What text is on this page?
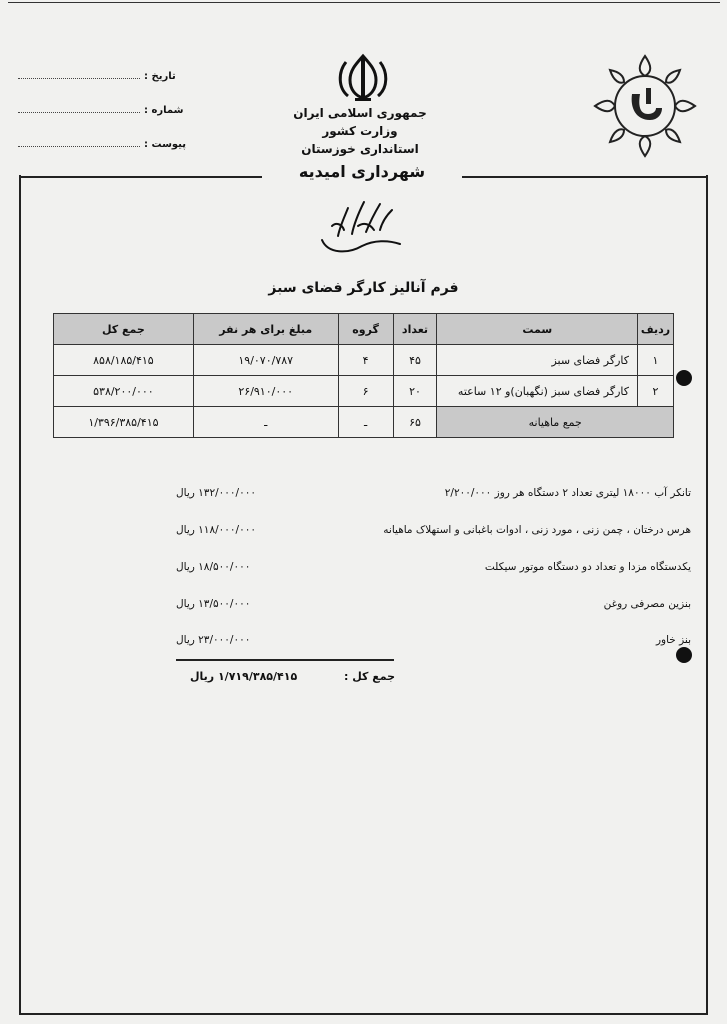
تاریخ :
شماره :
پیوست :
جمهوری اسلامی ایران
وزارت کشور
استانداری خوزستان
شهرداری امیدیه
فرم آنالیز کارگر فضای سبز
ردیف	سمت	تعداد	گروه	مبلغ برای هر نفر	جمع کل
۱	کارگر فضای سبز	۴۵	۴	۱۹/۰۷۰/۷۸۷	۸۵۸/۱۸۵/۴۱۵
۲	کارگر فضای سبز (نگهبان)و ۱۲ ساعته	۲۰	۶	۲۶/۹۱۰/۰۰۰	۵۳۸/۲۰۰/۰۰۰
جمع ماهیانه		۶۵	ـ	ـ	۱/۳۹۶/۳۸۵/۴۱۵
تانکر آب ۱۸۰۰۰ لیتری تعداد ۲ دستگاه هر روز ۲/۲۰۰/۰۰۰
۱۳۲/۰۰۰/۰۰۰ ریال
هرس درختان ، چمن زنی ، مورد زنی ، ادوات باغبانی و استهلاک ماهیانه
۱۱۸/۰۰۰/۰۰۰ ریال
یکدستگاه مزدا و تعداد دو دستگاه موتور سیکلت
۱۸/۵۰۰/۰۰۰ ریال
بنزین مصرفی روغن
۱۳/۵۰۰/۰۰۰ ریال
بنز خاور
۲۳/۰۰۰/۰۰۰ ریال
جمع کل :
۱/۷۱۹/۳۸۵/۴۱۵ ریال
